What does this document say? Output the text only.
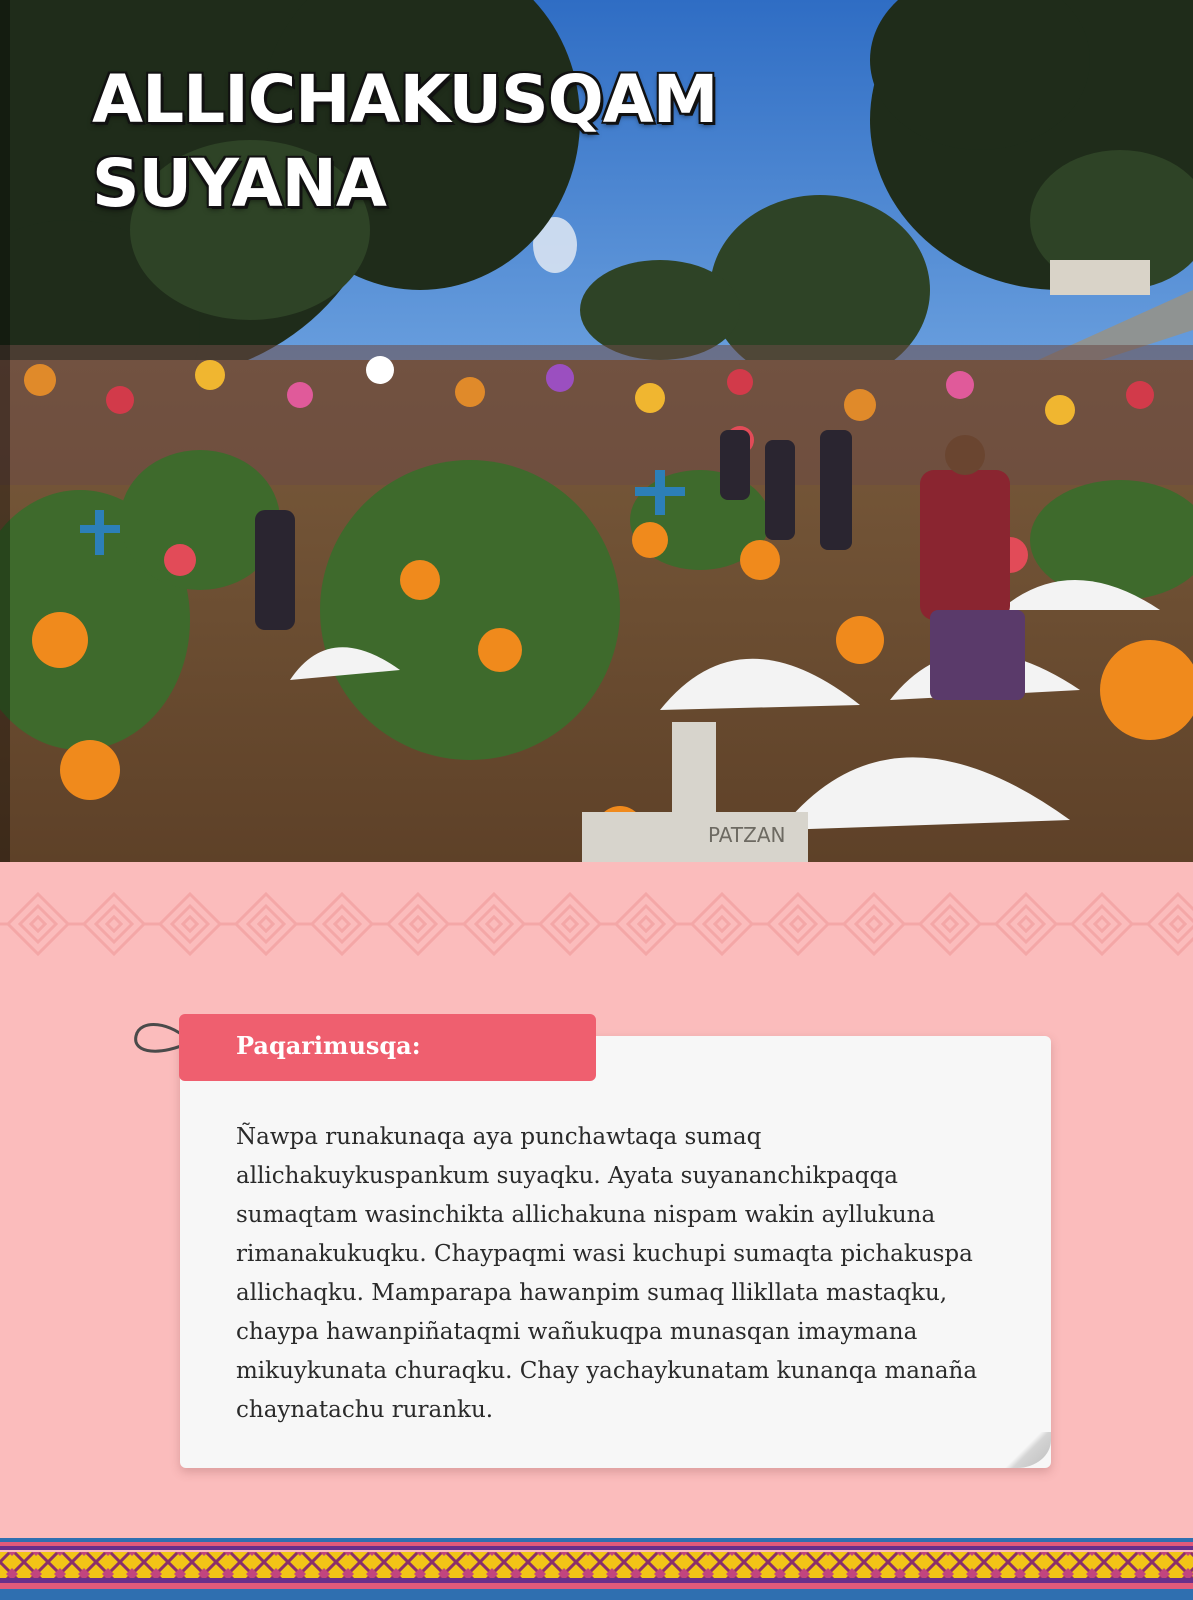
PATZAN
ALLICHAKUSQAM
SUYANA
Paqarimusqa:

Ñawpa runakunaqa aya punchawtaqa sumaq
allichakuykuspankum suyaqku. Ayata suyananchikpaqqa
sumaqtam wasinchikta allichakuna nispam wakin ayllukuna
rimanakukuqku. Chaypaqmi wasi kuchupi sumaqta pichakuspa
allichaqku. Mamparapa hawanpim sumaq llikllata mastaqku,
chaypa hawanpiñataqmi wañukuqpa munasqan imaymana
mikuykunata churaqku. Chay yachaykunatam kunanqa manaña
chaynatachu ruranku.
